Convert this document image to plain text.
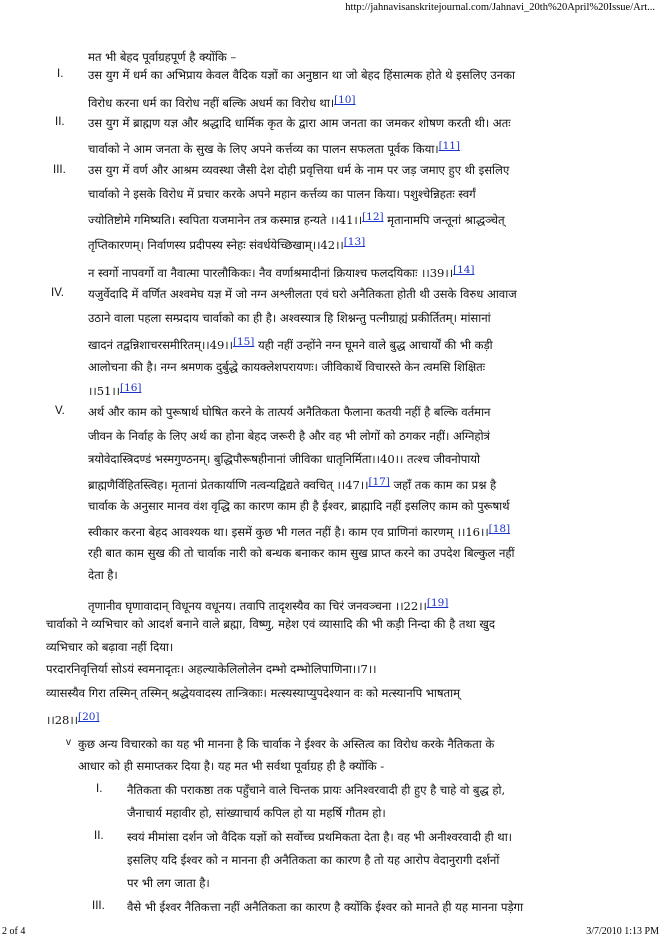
http://jahnavisanskritejournal.com/Jahnavi_20th%20April%20Issue/Art...
मत भी बेहद पूर्वाग्रहपूर्ण है क्योंकि –
I. उस युग में धर्म का अभिप्राय केवल वैदिक यज्ञों का अनुष्ठान था जो बेहद हिंसात्मक होते थे इसलिए उनका
विरोध करना धर्म का विरोध नहीं बल्कि अधर्म का विरोध था।[10]
II. उस युग में ब्राह्मण यज्ञ और श्रद्धादि धार्मिक कृत के द्वारा आम जनता का जमकर शोषण करती थी। अतः
चार्वाको ने आम जनता के सुख के लिए अपने कर्त्तव्य का पालन सफलता पूर्वक किया।[11]
III. उस युग में वर्ण और आश्रम व्यवस्था जैसी देश दोही प्रवृत्तिया धर्म के नाम पर जड़ जमाए हुए थी इसलिए
चार्वाको ने इसके विरोध में प्रचार करके अपने महान कर्त्तव्य का पालन किया। पशुश्चेन्निहतः स्वर्गं
ज्योतिष्टोमे गमिष्यति। स्वपिता यजमानेन तत्र कस्मान्न हन्यते ।।41।।[12] मृतानामपि जन्तूनां श्राद्धञ्चेत्
तृप्तिकारणम्। निर्वाणस्य प्रदीपस्य स्नेहः संवर्धयेच्छिखाम्।।42।।[13]
न स्वर्गो नापवर्गो वा नैवात्मा पारलौकिकः। नैव वर्णाश्रमादीनां क्रियाश्च फलदयिकाः ।।39।।[14]
IV. यजुर्वेदादि में वर्णित अश्वमेघ यज्ञ में जो नग्न अश्लीलता एवं घरो अनैतिकता होती थी उसके विरुध आवाज
उठाने वाला पहला सम्प्रदाय चार्वाको का ही है। अश्वस्यात्र हि शिश्नन्तु पत्नीग्राह्यं प्रकीर्तितम्। मांसानां
खादनं तद्वन्निशाचरसमीरितम्।।49।।[15] यही नहीं उन्होंने नग्न घूमने वाले बुद्ध आचार्यों की भी कड़ी
आलोचना की है। नग्न श्रमणक दुर्बुद्धे कायक्लेशपरायणः। जीविकार्थे विचारस्ते केन त्वमसि शिक्षितः
।।51।।[16]
V. अर्थ और काम को पुरूषार्थ घोषित करने के तात्पर्य अनैतिकता फैलाना कतयी नहीं है बल्कि वर्तमान
जीवन के निर्वाह के लिए अर्थ का होना बेहद जरूरी है और वह भी लोगों को ठगकर नहीं। अग्निहोत्रं
त्रयोवेदास्त्रिदण्डं भस्मगुण्ठनम्। बुद्धिपौरूषहीनानां जीविका धातृनिर्मिता।।40।। तत्श्च जीवनोपायो
ब्राह्मणैर्विहितस्त्विह। मृतानां प्रेतकार्याणि नत्वन्यद्विद्यते क्वचित् ।।47।।[17] जहाँ तक काम का प्रश्न है
चार्वाक के अनुसार मानव वंश वृद्धि का कारण काम ही है ईश्वर, ब्राह्मादि नहीं इसलिए काम को पुरूषार्थ
स्वीकार करना बेहद आवश्यक था। इसमें कुछ भी गलत नहीं है। काम एव प्राणिनां कारणम् ।।16।।[18]
रही बात काम सुख की तो चार्वाक नारी को बन्धक बनाकर काम सुख प्राप्त करने का उपदेश बिल्कुल नहीं
देता है।
तृणानीव घृणावादान् विधूनय वधूनय। तवापि तादृशस्यैव का चिरं जनवञ्चना ।।22।।[19]
चार्वाको ने व्यभिचार को आदर्श बनाने वाले ब्रह्मा, विष्णु, महेश एवं व्यासादि की भी कड़ी निन्दा की है तथा खुद
व्यभिचार को बढ़ावा नहीं दिया।
परदारनिवृत्तिर्या सोऽयं स्वमनादृतः। अहल्याकेलिलोलेन दम्भो दम्भोलिपाणिना।।7।।
व्यासस्यैव गिरा तस्मिन् तस्मिन् श्रद्धेयवादस्य तान्त्रिकाः। मत्स्यस्याप्युपदेश्यान वः को मत्स्यानपि भाषताम्
।।28।।[20]
v कुछ अन्य विचारको का यह भी मानना है कि चार्वाक ने ईश्वर के अस्तित्व का विरोध करके नैतिकता के
आधार को ही समाप्तकर दिया है। यह मत भी सर्वथा पूर्वाग्रह ही है क्योंकि -
I. नैतिकता की पराकष्ठा तक पहुँचाने वाले चिन्तक प्रायः अनिश्वरवादी ही हुए है चाहे वो बुद्ध हो,
जैनाचार्य महावीर हो, सांख्याचार्य कपिल हो या महर्षि गौतम हो।
II. स्वयं मीमांसा दर्शन जो वैदिक यज्ञों को सर्वोच्च प्रथमिकता देता है। वह भी अनीश्वरवादी ही था।
इसलिए यदि ईश्वर को न मानना ही अनैतिकता का कारण है तो यह आरोप वेदानुरागी दर्शनों
पर भी लग जाता है।
III. वैसे भी ईश्वर नैतिकत्ता नहीं अनैतिकता का कारण है क्योंकि ईश्वर को मानते ही यह मानना पड़ेगा
2 of 4	3/7/2010 1:13 PM
